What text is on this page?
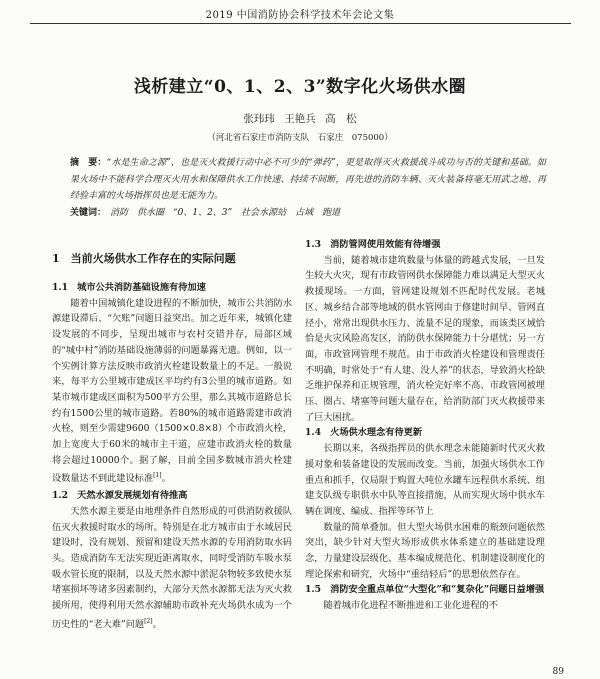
2019 中国消防协会科学技术年会论文集
浅析建立“0、1、2、3”数字化火场供水圈
张玮玮 王艳兵 高　松
（河北省石家庄市消防支队　石家庄　075000）
摘　要：“水是生命之源”，也是灭火救援行动中必不可少的“弹药”，更是取得灭火救援战斗成功与否的关键和基础。如果火场中不能科学合理灭火用水和保障供水工作快速、持续不间断，再先进的消防车辆、灭火装备将毫无用武之地、再经验丰富的火场指挥员也是无能为力。
关键词： 消防　供水圈　“0、1、2、3”　社会水源站　占域　跑道
1　当前火场供水工作存在的实际问题
1.1　城市公共消防基础设施有待加速

随着中国城镇化建设进程的不断加快，城市公共消防水源建设滞后、“欠账”问题日益突出。加之近年来，城镇化建设发展的不同步，呈现出城市与农村交错并存，局部区域的“城中村”消防基础设施薄弱的问题暴露无遗。例如，以一个实例计算方法反映市政消火栓建设数量上的不足。一般说来，每平方公里城市建成区平均约有3公里的城市道路。如某市城市建成区面积为500平方公里，那么其城市道路总长约有1500公里的城市道路。若80%的城市道路需建市政消火栓，则至少需建9600（1500×0.8×8）个市政消火栓，加上宽度大于60米的城市主干道，应建市政消火栓的数量将会超过10000个。据了解，目前全国多数城市消火栓建设数量达不到此建设标准[1]。

1.2　天然水源发展规划有待推高

天然水源主要是由地理条件自然形成的可供消防救援队伍灭火救援时取水的场所。特别是在北方城市由于水域居民建设时，没有规划、预留和建设天然水源的专用消防取水码头。造成消防车无法实现近距离取水，同时受消防车吸水泵吸水管长度的限制，以及天然水源中淤泥杂物较多致使水泵堵塞损坏等诸多因素制约，大部分天然水源都无法为灭火救援所用，使得利用天然水源辅助市政补充火场供水成为一个历史性的“老大难”问题[2]。

1.3　消防管网使用效能有待增强

当前，随着城市建筑数量与体量的跨越式发展，一旦发生较大火灾，现有市政管网供水保障能力难以满足大型灭火救援现场。一方面，管网建设规划不匹配时代发展。老城区、城乡结合部等地域的供水管网由于修建时间早、管网直径小，常常出现供水压力、流量不足的现象，而该类区域恰恰是火灾风险高发区，消防供水保障能力十分堪忧；另一方面，市政管网管理不规范。由于市政消火栓建设和管理责任不明确，时常处于“有人建、没人养”的状态，导致消火栓缺乏维护保养和正规管理，消火栓完好率不高、市政管网被埋压、圈占、堵塞等问题大量存在，给消防部门灭火救援带来了巨大困扰。

1.4　火场供水理念有待更新

长期以来，各级指挥员的供水理念未能随新时代灭火救援对象和装备建设的发展而改变。当前，加强火场供水工作重点和抓手，仅局限于购置大吨位水罐车远程供水系统、组建支队级专职供水中队等直接措施，从而实现火场中供水车辆在调度、编成、指挥等环节上

数量的简单叠加。但大型火场供水困难的瓶颈问题依然突出，缺少针对大型火场形成供水体系建立的基础建设理念，力量建设层级化、基本编成规范化、机制建设制度化的理论探索和研究，火场中“重结轻后”的思想依然存在。

1.5　消防安全重点单位“大型化”和“复杂化”问题日益增强

随着城市化进程不断推进和工业化进程的不

89
